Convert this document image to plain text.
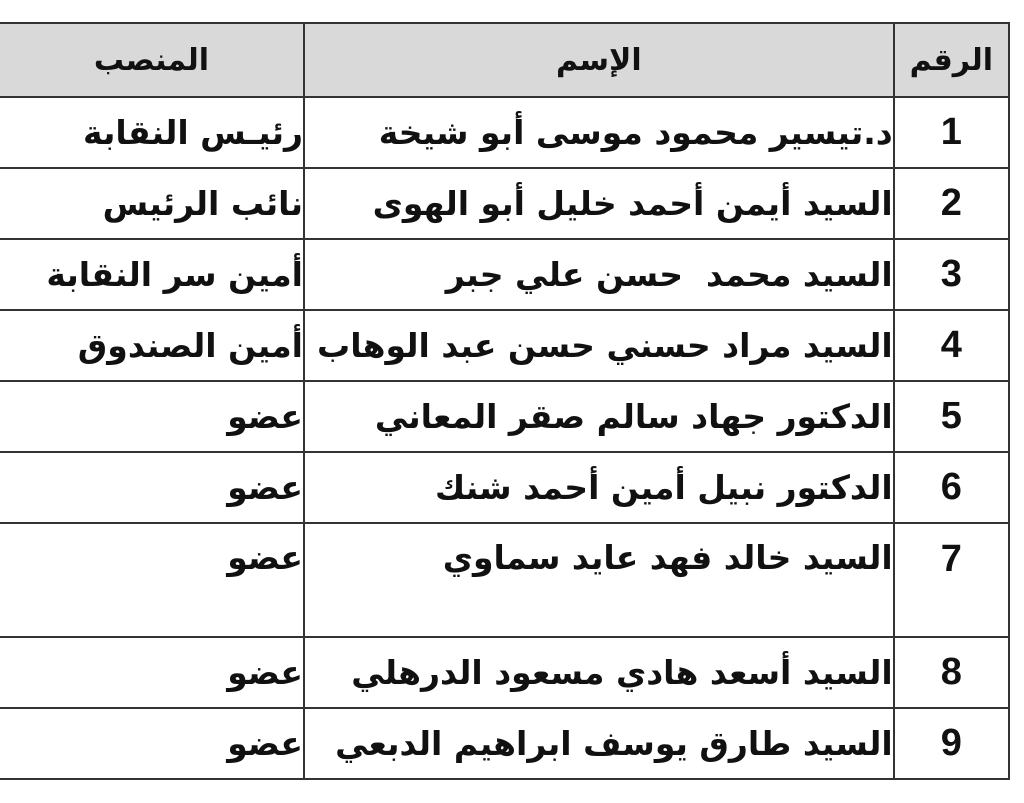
الرقم	الإسم	المنصب
1	د.تيسير محمود موسى أبو شيخة	رئيـس النقابة
2	السيد أيمن أحمد خليل أبو الهوى	نائب الرئيس
3	السيد محمد  حسن علي جبر	أمين سر النقابة
4	السيد مراد حسني حسن عبد الوهاب	أمين الصندوق
5	الدكتور جهاد سالم صقر المعاني	عضو
6	الدكتور نبيل أمين أحمد شنك	عضو
7	السيد خالد فهد عايد سماوي	عضو
8	السيد أسعد هادي مسعود الدرهلي	عضو
9	السيد طارق يوسف ابراهيم الدبعي	عضو
